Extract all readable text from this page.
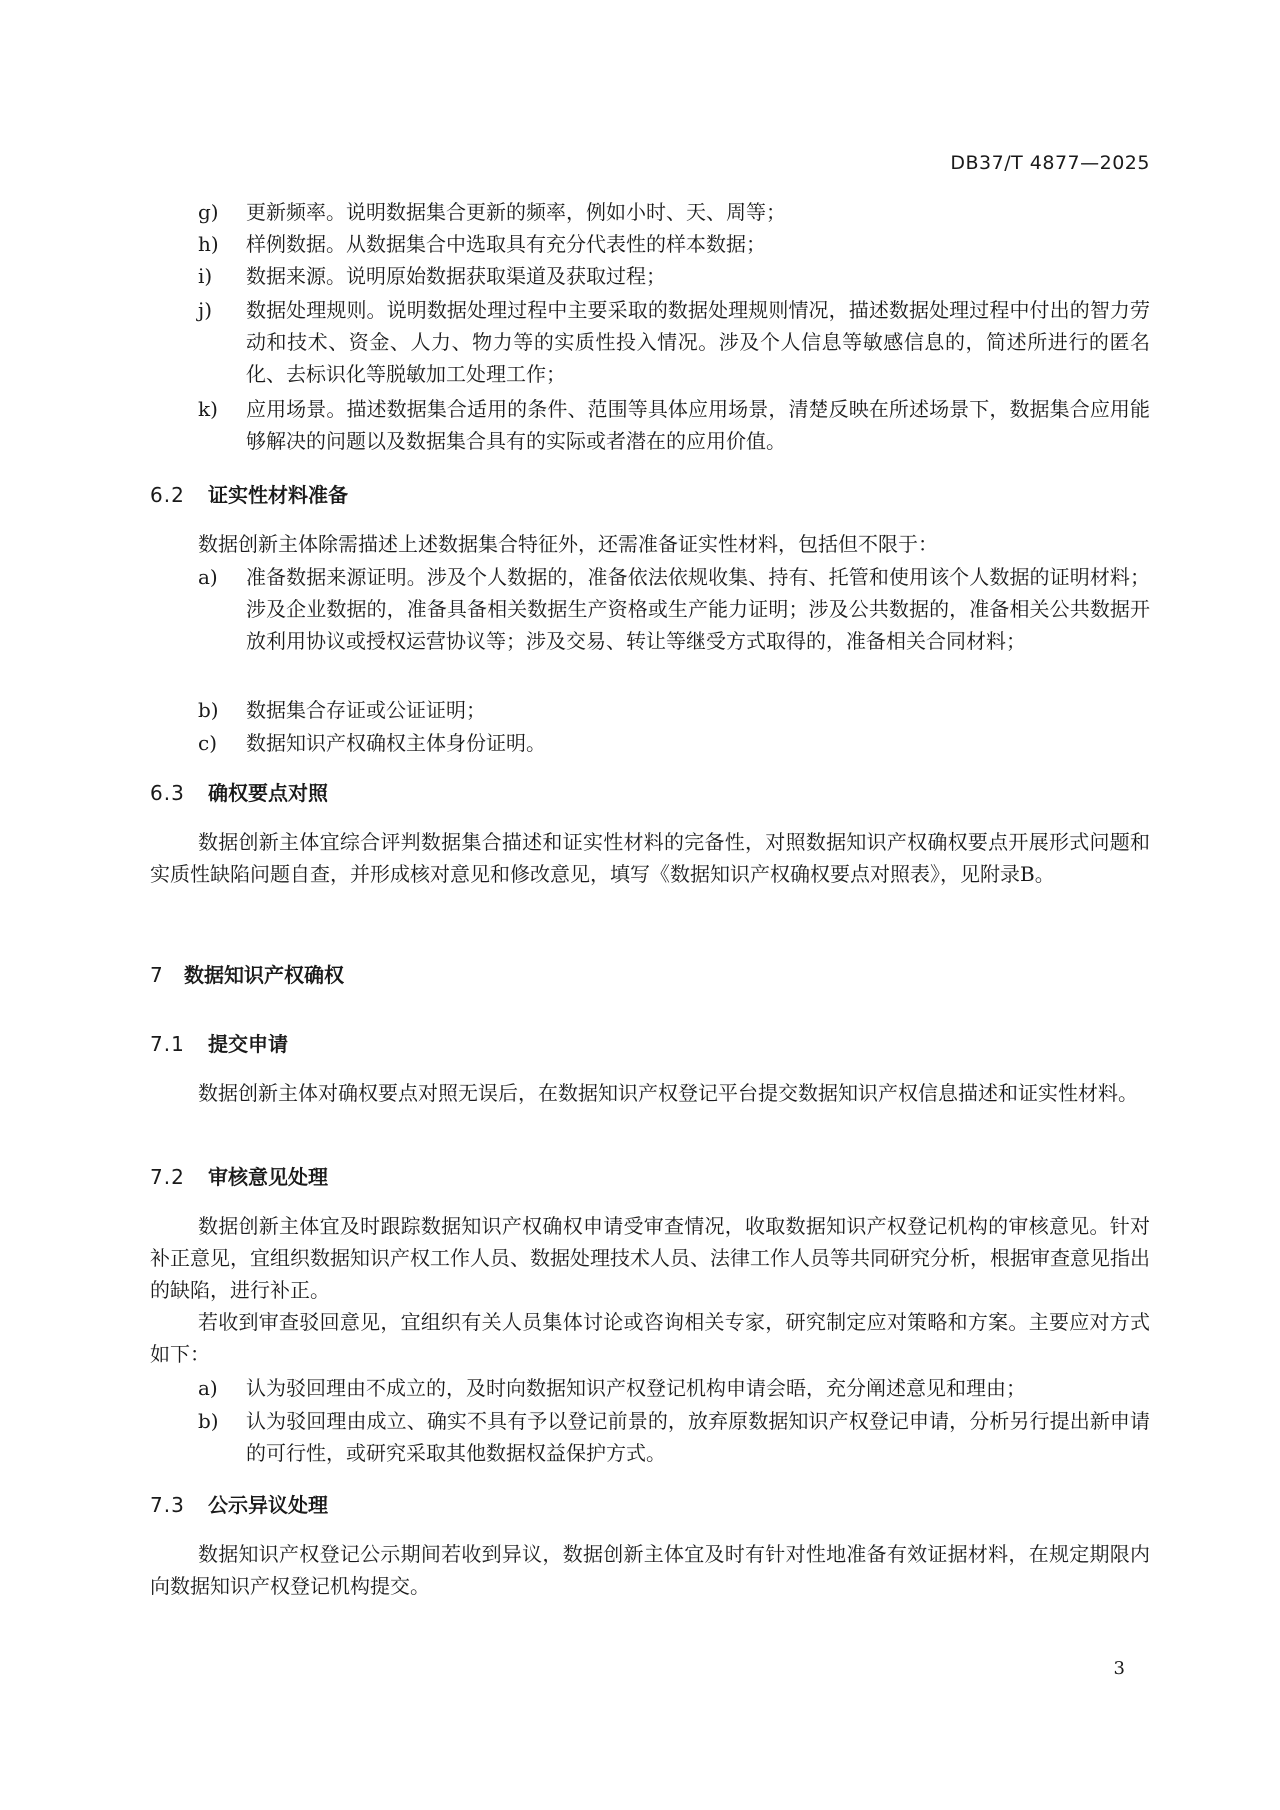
DB37/T 4877—2025
g) 更新频率。说明数据集合更新的频率，例如小时、天、周等；
h) 样例数据。从数据集合中选取具有充分代表性的样本数据；
i) 数据来源。说明原始数据获取渠道及获取过程；
j) 数据处理规则。说明数据处理过程中主要采取的数据处理规则情况，描述数据处理过程中付出的智力劳动和技术、资金、人力、物力等的实质性投入情况。涉及个人信息等敏感信息的，简述所进行的匿名化、去标识化等脱敏加工处理工作；
k) 应用场景。描述数据集合适用的条件、范围等具体应用场景，清楚反映在所述场景下，数据集合应用能够解决的问题以及数据集合具有的实际或者潜在的应用价值。
6.2 证实性材料准备
数据创新主体除需描述上述数据集合特征外，还需准备证实性材料，包括但不限于：
a) 准备数据来源证明。涉及个人数据的，准备依法依规收集、持有、托管和使用该个人数据的证明材料；涉及企业数据的，准备具备相关数据生产资格或生产能力证明；涉及公共数据的，准备相关公共数据开放利用协议或授权运营协议等；涉及交易、转让等继受方式取得的，准备相关合同材料；
b) 数据集合存证或公证证明；
c) 数据知识产权确权主体身份证明。
6.3 确权要点对照
数据创新主体宜综合评判数据集合描述和证实性材料的完备性，对照数据知识产权确权要点开展形式问题和实质性缺陷问题自查，并形成核对意见和修改意见，填写《数据知识产权确权要点对照表》，见附录B。
7 数据知识产权确权
7.1 提交申请
数据创新主体对确权要点对照无误后，在数据知识产权登记平台提交数据知识产权信息描述和证实性材料。
7.2 审核意见处理
数据创新主体宜及时跟踪数据知识产权确权申请受审查情况，收取数据知识产权登记机构的审核意见。针对补正意见，宜组织数据知识产权工作人员、数据处理技术人员、法律工作人员等共同研究分析，根据审查意见指出的缺陷，进行补正。
若收到审查驳回意见，宜组织有关人员集体讨论或咨询相关专家，研究制定应对策略和方案。主要应对方式如下：
a) 认为驳回理由不成立的，及时向数据知识产权登记机构申请会晤，充分阐述意见和理由；
b) 认为驳回理由成立、确实不具有予以登记前景的，放弃原数据知识产权登记申请，分析另行提出新申请的可行性，或研究采取其他数据权益保护方式。
7.3 公示异议处理
数据知识产权登记公示期间若收到异议，数据创新主体宜及时有针对性地准备有效证据材料，在规定期限内向数据知识产权登记机构提交。
3
